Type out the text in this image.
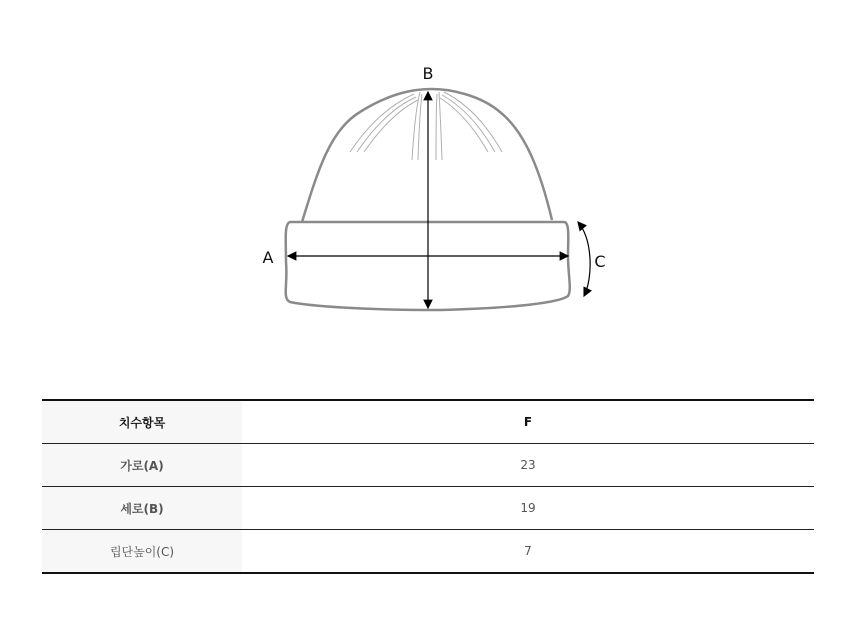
B
A	C
치수항목	F
가로(A)	23
세로(B)	19
립단높이(C)	7
